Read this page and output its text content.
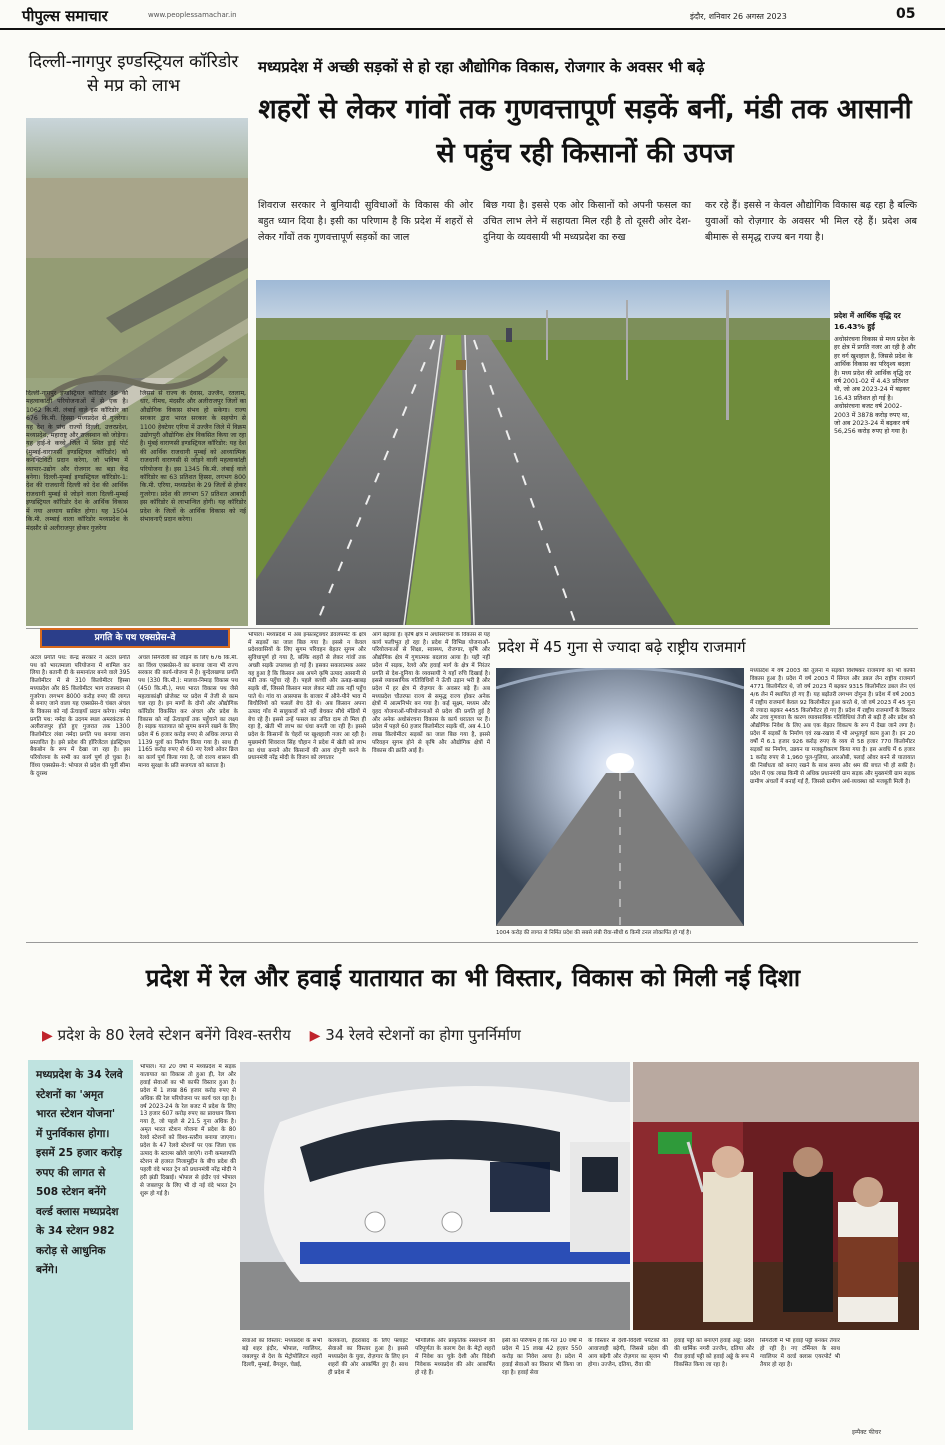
पीपुल्स समाचार	www.peoplessamachar.in	इंदौर, शनिवार 26 अगस्त 2023	05
दिल्ली-नागपुर इण्डस्ट्रियल कॉरिडोर से मप्र को लाभ
दिल्ली-नागपुर इण्डस्ट्रियल कॉरिडोर देश की महत्वाकांक्षी परियोजनाओं में से एक है। 1062 कि.मी. लंबाई वाले इस कॉरिडोर का 676 कि.मी. हिस्सा मध्यप्रदेश से गुजरेगा। यह देश के पांच राज्यों दिल्ली, उत्तरप्रदेश, मध्यप्रदेश, महाराष्ट्र और राजस्थान को जोड़ेगा। यह हाई-वे कच्चे जिले में स्थित ड्राई पोर्ट (मुम्बई-वाराणसी इण्डस्ट्रियल कॉरिडोर) को कनेक्टिविटी प्रदान करेगा, जो भविष्य में व्यापार-उद्योग और रोजगार का बड़ा केंद्र बनेगा। दिल्ली-मुम्बई इण्डस्ट्रियल कॉरिडोर-1: देश की राजधानी दिल्ली को देश की आर्थिक राजधानी मुम्बई से जोड़ने वाला दिल्ली-मुम्बई इण्डस्ट्रियल कॉरिडोर देश के आर्थिक विकास में नया अध्याय साबित होगा। यह 1504 कि.मी. लम्बाई वाला कॉरिडोर मध्यप्रदेश के मंदसौर से अलीराजपुर होकर गुजरेगा
जिससे से राज्य के देवास, उज्जैन, रतलाम, धार, नीमच, मंदसौर और अलीराजपुर जिलों का औद्योगिक विकास संभव हो सकेगा। राज्य सरकार द्वारा भारत सरकार के सहयोग से 1100 हेक्टेयर एरिया में उज्जैन जिले में विक्रम उद्योगपुरी औद्योगिक क्षेत्र विकसित किया जा रहा है। मुंबई वाराणसी इण्डस्ट्रियल कॉरिडोर: यह देश की आर्थिक राजधानी मुम्बई को आध्यात्मिक राजधानी वाराणसी से जोड़ने वाली महत्वाकांक्षी परियोजना है। इस 1345 कि.मी. लंबाई वाले कॉरिडोर का 63 प्रतिशत हिस्सा, लगभग 800 कि.मी. एरिया, मध्यप्रदेश के 29 जिलों से होकर गुजरेगा। प्रदेश की लगभग 57 प्रतिशत आबादी इस कॉरिडोर से लाभान्वित होगी। यह कॉरिडोर प्रदेश के जिलों के आर्थिक विकास को नई संभावनाएँ प्रदान करेगा।
मध्यप्रदेश में अच्छी सड़कों से हो रहा औद्योगिक विकास, रोजगार के अवसर भी बढ़े
शहरों से लेकर गांवों तक गुणवत्तापूर्ण सड़कें बनीं, मंडी तक आसानी से पहुंच रही किसानों की उपज
शिवराज सरकार ने बुनियादी सुविधाओं के विकास की ओर बहुत ध्यान दिया है। इसी का परिणाम है कि प्रदेश में शहरों से लेकर गाँवों तक गुणवत्तापूर्ण सड़कों का जाल
बिछ गया है। इससे एक ओर किसानों को अपनी फसल का उचित लाभ लेने में सहायता मिल रही है तो दूसरी ओर देश-दुनिया के व्यवसायी भी मध्यप्रदेश का रुख
कर रहे हैं। इससे न केवल औद्योगिक विकास बढ़ रहा है बल्कि युवाओं को रोज़गार के अवसर भी मिल रहे हैं। प्रदेश अब बीमारू से समृद्ध राज्य बन गया है।
प्रदेश में आर्थिक वृद्धि दर 16.43% हुई
अधोसंरचना विकास से मध्य प्रदेश के हर क्षेत्र में प्रगति नजर आ रही है और हर वर्ग खुशहाल है, जिससे प्रदेश के आर्थिक विकास का परिदृश्य बदला है। मध्य प्रदेश की आर्थिक वृद्धि दर वर्ष 2001-02 में 4.43 प्रतिशत थी, जो अब 2023-24 में बढ़कर 16.43 प्रतिशत हो गई है। अधोसंरचना बजट वर्ष 2002-2003 में 3878 करोड़ रुपए था, जो अब 2023-24 में बढ़कर वर्ष 56,256 करोड़ रुपए हो गया है।
प्रगति के पथ एक्सप्रेस-वे
अटल प्रगति पथ: केन्द्र सरकार ने अटल प्रगति पथ को भारतमाला परियोजना में शामिल कर लिया है। बतानी दी के समानांतर बनने वाले 395 किलोमीटर में से 310 किलोमीटर हिस्सा मध्यप्रदेश और 85 किलोमीटर भाग राजस्थान से गुजरेगा। लगभग 8000 करोड़ रुपए की लागत से बनाए जाने वाला यह एक्सप्रेस-वे चंबल अंचल के विकास को नई ऊँचाइयाँ प्रदान करेगा। नर्मदा प्रगति पथ: नर्मदा के उदगम स्थल अमरकंटक से अलीराजपुर होते हुए गुजरात तक 1300 किलोमीटर लंबा नर्मदा प्रगति पथ बनाया जाना प्रस्तावित है। इसे प्रदेश की हॉरिजेंटल इंडस्ट्रियल बैकबोन के रूप में देखा जा रहा है। इस परियोजना के सभी का कार्य पूर्ण हो चुका है। विंध्य एक्सप्रेस-वे: भोपाल से प्रदेश की पूर्वी सीमा के दूरस्थ
अंचल सिंगरौली को जोड़ने के लिए 676 कि.मी. का विंध्य एक्सप्रेस-वे का बनाया जाना भी राज्य सरकार की कार्य-योजना में है। बुन्देलखण्ड प्रगति पथ (330 कि.मी.): मालवा-निमाड़ विकास पथ (450 कि.मी.), मध्य भारत विकास पथ जैसे महत्वाकांक्षी प्रोजेक्ट पर प्रदेश में तेजी से काम चल रहा है। इन मार्गों के दोनों ओर औद्योगिक कॉरिडोर विकसित कर अंचल और प्रदेश के विकास को नई ऊँचाइयाँ तक पहुँचाने का लक्ष्य है। सड़क यातायात को सुगम बनाने रखने के लिए प्रदेश में 6 हजार करोड़ रुपए से अधिक लागत से 1139 पुलों का निर्माण किया गया है। साथ ही 1165 करोड़ रुपए से 60 नए रेलवे ओवर ब्रिज का कार्य पूर्ण किया गया है, जो राज्य शासन की मानव सुरक्षा के प्रति सजगता को बताता है।
भोपाल। मध्यप्रदेश में अब इन्फ्रास्ट्रक्चर डेवलपमेंट के क्षेत्र में सड़कों का जाल बिछ गया है। इससे न केवल प्रदेशवासियों के लिए सुगम परिवहन बेहतर सुगम और सुविधापूर्ण हो गया है, बल्कि शहरों से लेकर गांवों तक अच्छी सड़कें उपलब्ध हो गई हैं। इसका सकारात्मक असर यह हुआ है कि किसान अब अपने कृषि उत्पाद आसानी से मंडी तक पहुँचा रहे हैं। पहले कच्ची और ऊबड़-खाबड़ सड़कें थीं, जिससे किसान माल लेकर मंडी तक नहीं पहुँच पाते थे। गांव या आसपास के बाजार में औने-पौने भाव में बिचौलियों को फसलें बेच देते थे। अब किसान अपना उत्पाद गाँव में साहूकारों को नहीं बेचकर सीधे मंडियों में बेच रहे हैं। इससे उन्हें फसल का उचित दाम तो मिल ही रहा है, खेती भी लाभ का धंधा बनती जा रही है। इससे प्रदेश के किसानों के चेहरों पर खुशहाली नजर आ रही है। मुख्यमंत्री शिवराज सिंह चौहान ने प्रदेश में खेती को लाभ का धंधा बनाने और किसानों की आय दोगुनी करने के प्रधानमंत्री नरेंद्र मोदी के विजन को लगातार
आगे बढ़ाया है। कृषि क्षेत्र में अधोसंरचना के विकास से यह कार्य फलीभूत हो रहा है। प्रदेश में विभिन्न योजनाओं-परियोजनाओं से शिक्षा, स्वास्थ्य, रोजगार, कृषि और औद्योगिक क्षेत्र में गुणात्मक बदलाव आया है। यही नहीं प्रदेश में सड़क, रेलवे और हवाई मार्ग के क्षेत्र में निरंतर प्रगति से देश-दुनिया के व्यवसायी ने यहाँ रुचि दिखाई है। इससे व्यावसायिक गतिविधियों ने ऊँची उड़ान भरी है और प्रदेश में हर क्षेत्र में रोज़गार के अवसर बढ़े हैं। अब मध्यप्रदेश चौतरफा राज्य से समृद्ध राज्य होकर अनेक क्षेत्रों में आत्मनिर्भर बन गया है। कई सूक्ष्म, मध्यम और वृहद योजनाओं-परियोजनाओं से प्रदेश की प्रगति हुई है और अनेक अधोसंरचना विकास के कार्य धरातल पर हैं। प्रदेश में पहले 60 हजार किलोमीटर सड़कें थीं, अब 4.10 लाख किलोमीटर सड़कों का जाल बिछ गया है, इससे परिवहन सुगम होने से कृषि और औद्योगिक क्षेत्रों में विकास की क्रांति आई है।
प्रदेश में 45 गुना से ज्यादा बढ़े राष्ट्रीय राजमार्ग
1004 करोड़ की लागत से निर्मित प्रदेश की सबसे लंबी रीवा-सीधी 6 किमी टनल लोकार्पित हो गई है।
मध्यप्रदेश में वर्ष 2003 की तुलना में सड़कों विशेषकर राजमार्गों का भी काफी विकास हुआ है। प्रदेश में वर्ष 2003 में सिंगल और डबल लेन राष्ट्रीय राजमार्ग 4771 किलोमीटर थे, जो वर्ष 2023 में बढ़कर 9315 किलोमीटर डबल लेन एवं 4/6 लेन में स्थापित हो गए हैं। यह बढ़ोतरी लगभग दोगुना है। प्रदेश में वर्ष 2003 में राष्ट्रीय राजमार्ग केवल 92 किलोमीटर हुआ करते थे, जो वर्ष 2023 में 45 गुना से ज्यादा बढ़कर 4455 किलोमीटर हो गए हैं। प्रदेश में राष्ट्रीय राजमार्गों के विस्तार और उच्च गुणवत्ता के कारण व्यावसायिक गतिविधियां तेजी से बढ़ी हैं और प्रदेश को औद्योगिक निवेश के लिए अब एक बेहतर विकल्प के रूप में देखा जाने लगा है। प्रदेश में सड़कों के निर्माण एवं रख-रखाव में भी अभूतपूर्व काम हुआ है। इन 20 वर्षों में 6.1 हजार 926 करोड़ रुपए के व्यय से 58 हजार 770 किलोमीटर सड़कों का निर्माण, उन्नयन या मजबूतीकरण किया गया है। इस अवधि में 6 हजार 1 करोड़ रुपए से 1,960 पुल-पुलिया, आरओबी, फ्लाई ओवर बनने से यातायात की निर्बाधता को बनाए रखने के साथ समय और श्रम की बचत भी हो सकी है। प्रदेश में एक लाख किमी से अधिक प्रधानमंत्री ग्राम सड़क और मुख्यमंत्री ग्राम सड़क ग्रामीण अंचलों में बनाई गई हैं, जिससे ग्रामीण अर्थ-व्यवस्था को मजबूती मिली है।
प्रदेश में रेल और हवाई यातायात का भी विस्तार, विकास को मिली नई दिशा
▶ प्रदेश के 80 रेलवे स्टेशन बनेंगे विश्व-स्तरीय ▶ 34 रेलवे स्टेशनों का होगा पुनर्निर्माण
मध्यप्रदेश के 34 रेलवे स्टेशनों का 'अमृत भारत स्टेशन योजना' में पुनर्विकास होगा। इसमें 25 हजार करोड़ रुपए की लागत से 508 स्टेशन बनेंगे वर्ल्ड क्लास मध्यप्रदेश के 34 स्टेशन 982 करोड़ से आधुनिक बनेंगे।
भोपाल। गत 20 वर्षों में मध्यप्रदेश में सड़क यातायात का विकास तो हुआ ही, रेल और हवाई सेवाओं का भी काफी विस्तार हुआ है। प्रदेश में 1 लाख 86 हजार करोड़ रुपए से अधिक की रेल परियोजना पर कार्य चल रहा है। वर्ष 2023-24 के रेल बजट में प्रदेश के लिए 13 हजार 607 करोड़ रुपए का प्रावधान किया गया है, जो पहले से 21.5 गुना अधिक है। अमृत भारत स्टेशन योजना में प्रदेश के 80 रेलवे स्टेशनों को विश्व-स्तरीय बनाया जाएगा। प्रदेश के 47 रेलवे स्टेशनों पर एक जिला एक उत्पाद के स्टाल्स खोले जाएंगे। रानी कमलापति स्टेशन से हजरत निजामुद्दीन के बीच प्रदेश की पहली वंदे भारत ट्रेन को प्रधानमंत्री नरेंद्र मोदी ने हरी झंडी दिखाई। भोपाल से इंदौर एवं भोपाल से जबलपुर के लिए भी दो नई वंदे भारत ट्रेन शुरू हो गई है।
सेवाओं का विस्तार: मध्यप्रदेश के सभी बड़े शहर इंदौर, भोपाल, ग्वालियर, जबलपुर से देश के मेट्रोपोलिटन शहरों दिल्ली, मुम्बई, बैंगलुरु, चेन्नई,
कलकत्ता, हैदराबाद के लिए फ्लाइट सेवाओं का विस्तार हुआ है। इससे मध्यप्रदेश के युवा, रोज़गार के लिए इन शहरों की ओर आकर्षित हुए हैं। साथ ही प्रदेश में
भौगोलिक और प्राकृतिक संसाधनों की परिपूर्णता के कारण देश के मेट्रो शहरों में निवेश का चुके देशी और विदेशी निवेशक मध्यप्रदेश की ओर आकर्षित हो रहे हैं।
इसी का परिणाम है कि गत 10 वर्षों में प्रदेश में 15 लाख 42 हज़ार 550 करोड़ का निवेश आया है। प्रदेश में हवाई सेवाओं का विस्तार भी किया जा रहा है। हवाई सेवा
के विस्तार से देशी-विदेशी पर्यटकों की आवाजाही बढ़ेगी, जिससे प्रदेश की आय बढ़ेगी और रोज़गार का सृजन भी होगा। उज्जैन, दतिया, रीवा की
हवाई पट्टी को बनाएंगे हवाई अड्डे: प्रदेश की धार्मिक नगरी उज्जैन, दतिया और रीवा हवाई पट्टी को हवाई अड्डे के रूप में विकसित किया जा रहा है।
सिंगरौली में भी हवाई पट्टी बनकर तैयार हो रही है। नए टर्मिनल के साथ ग्वालियर में वर्ल्ड क्लास एयरपोर्ट भी तैयार हो रहा है।
इम्पैक्ट फीचर
